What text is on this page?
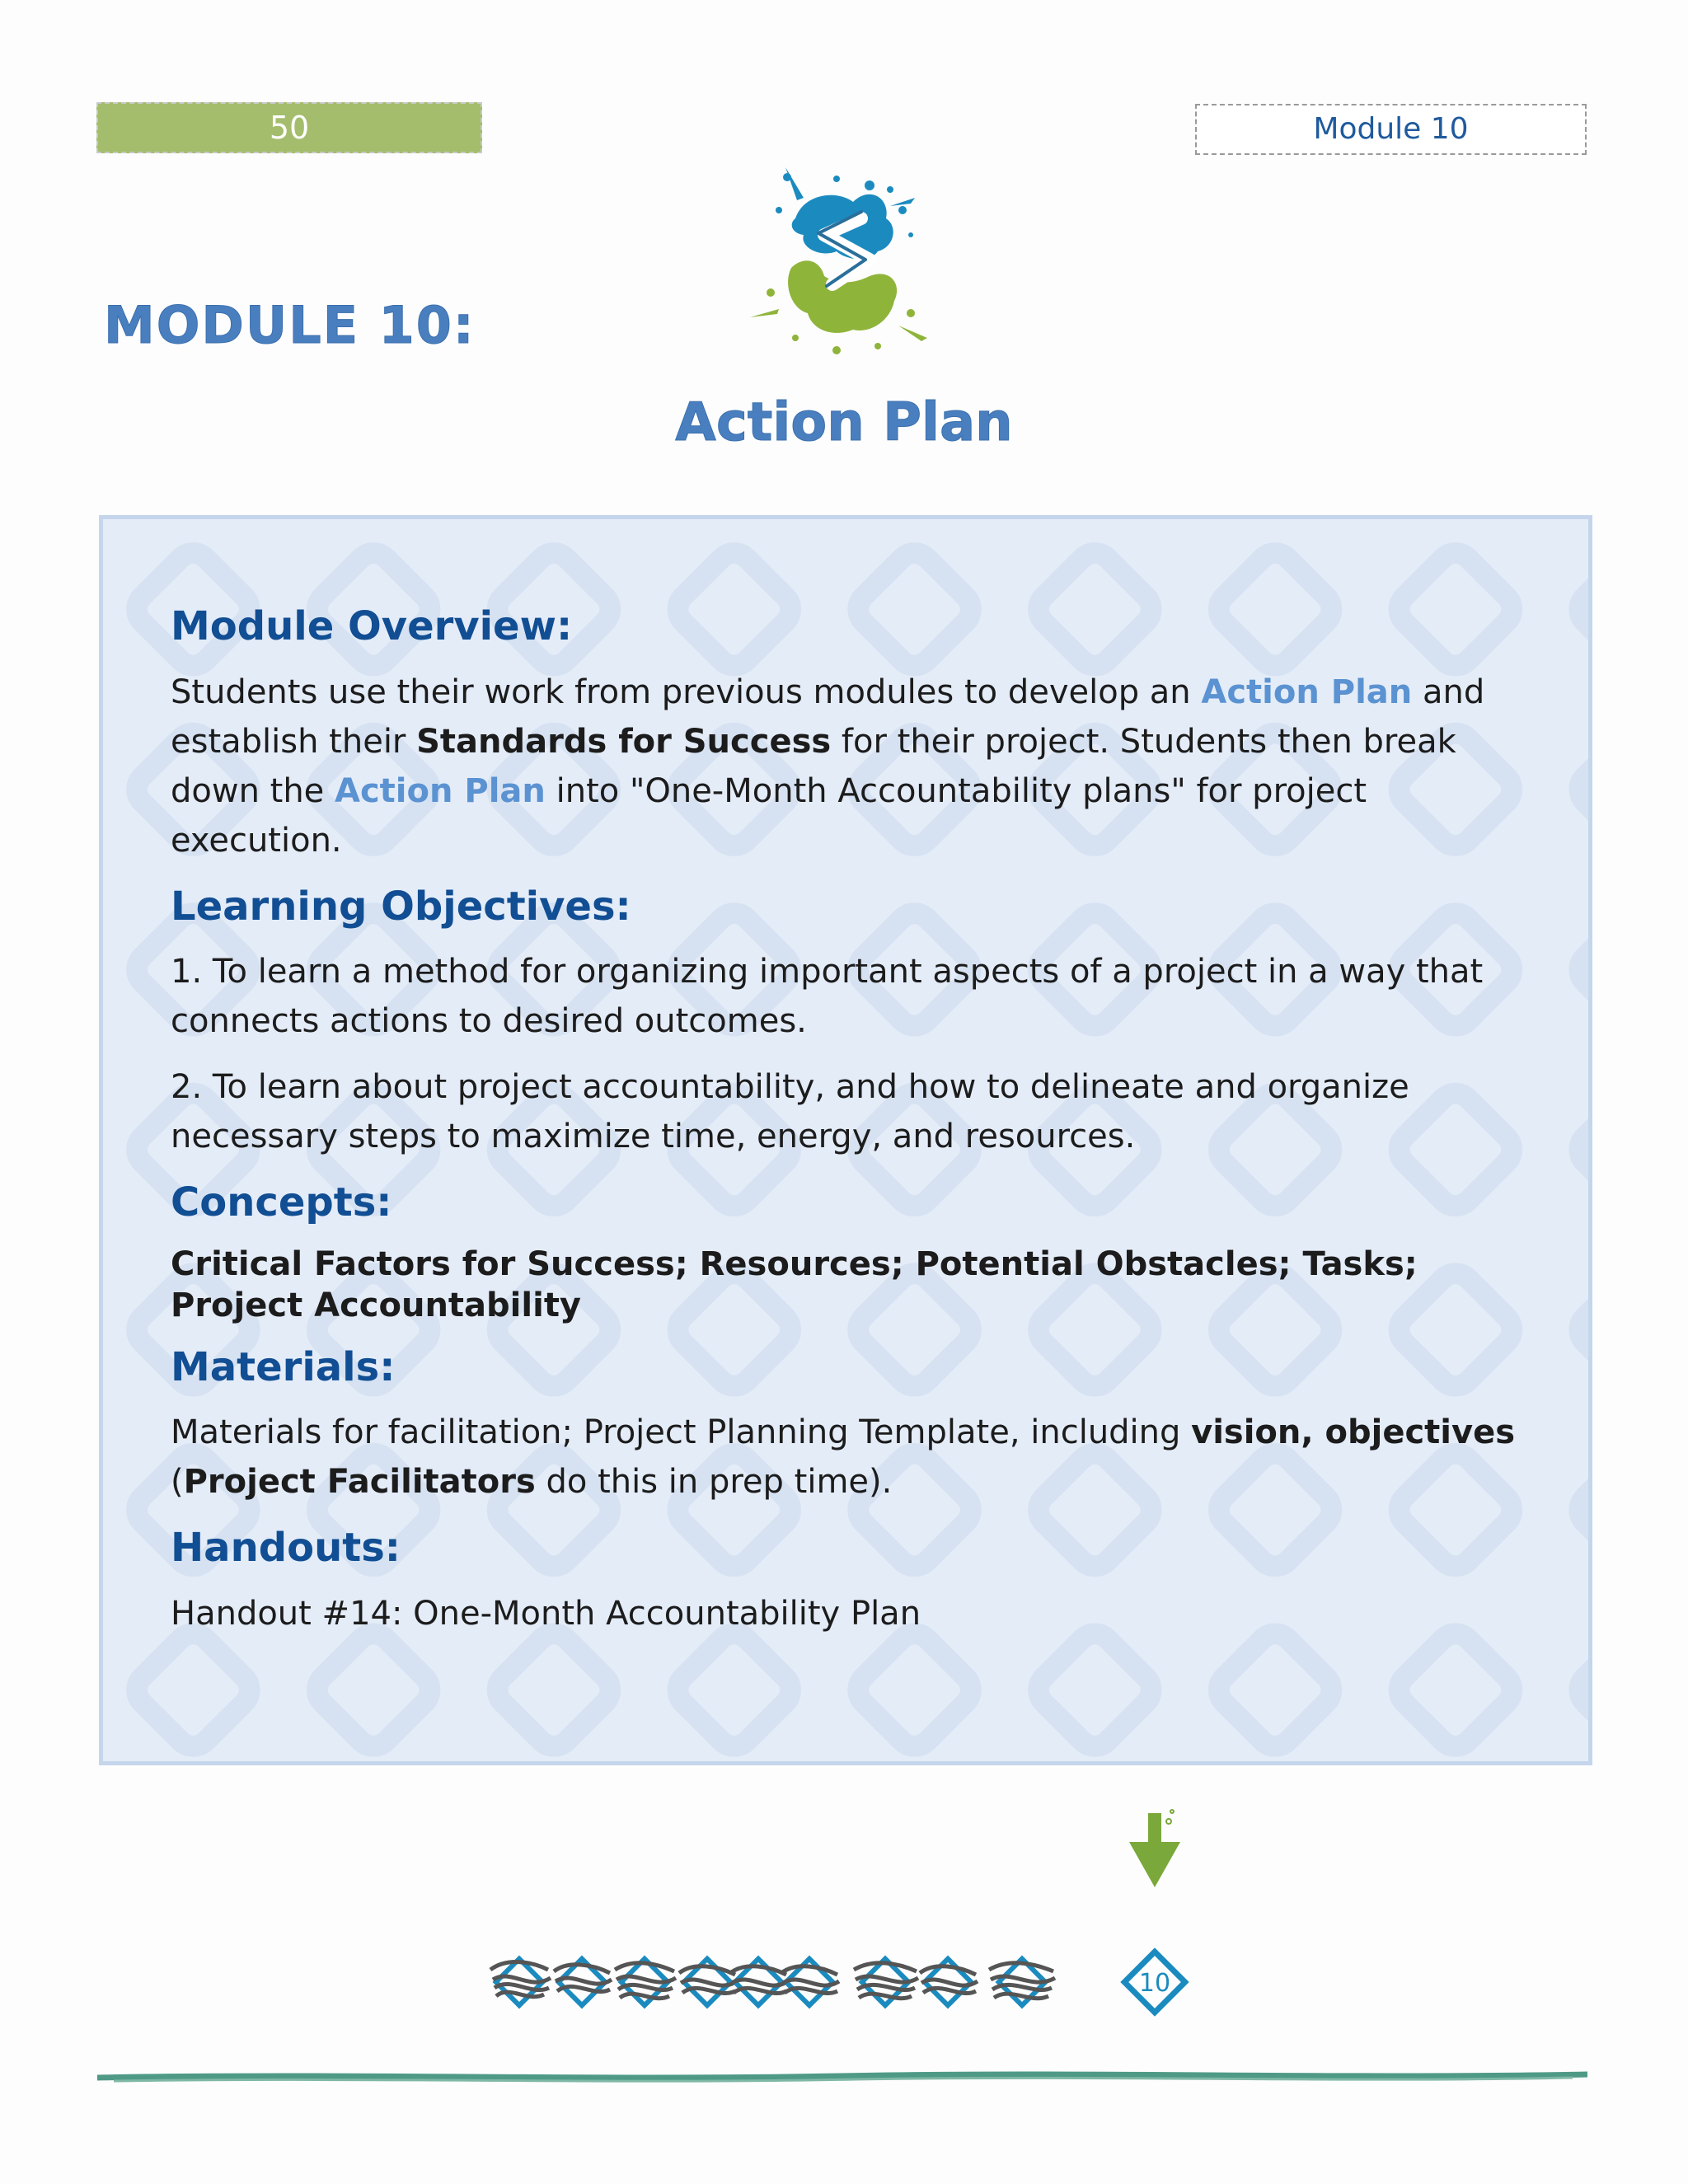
50	Module 10
MODULE 10:
Action Plan
Module Overview:

Students use their work from previous modules to develop an Action Plan and establish their Standards for Success for their project. Students then break down the Action Plan into "One-Month Accountability plans" for project execution.

Learning Objectives:

1. To learn a method for organizing important aspects of a project in a way that connects actions to desired outcomes.

2. To learn about project accountability, and how to delineate and organize necessary steps to maximize time, energy, and resources.

Concepts:

Critical Factors for Success; Resources; Potential Obstacles; Tasks; Project Accountability

Materials:

Materials for facilitation; Project Planning Template, including vision, objectives (Project Facilitators do this in prep time).

Handouts:

Handout #14: One-Month Accountability Plan

10
